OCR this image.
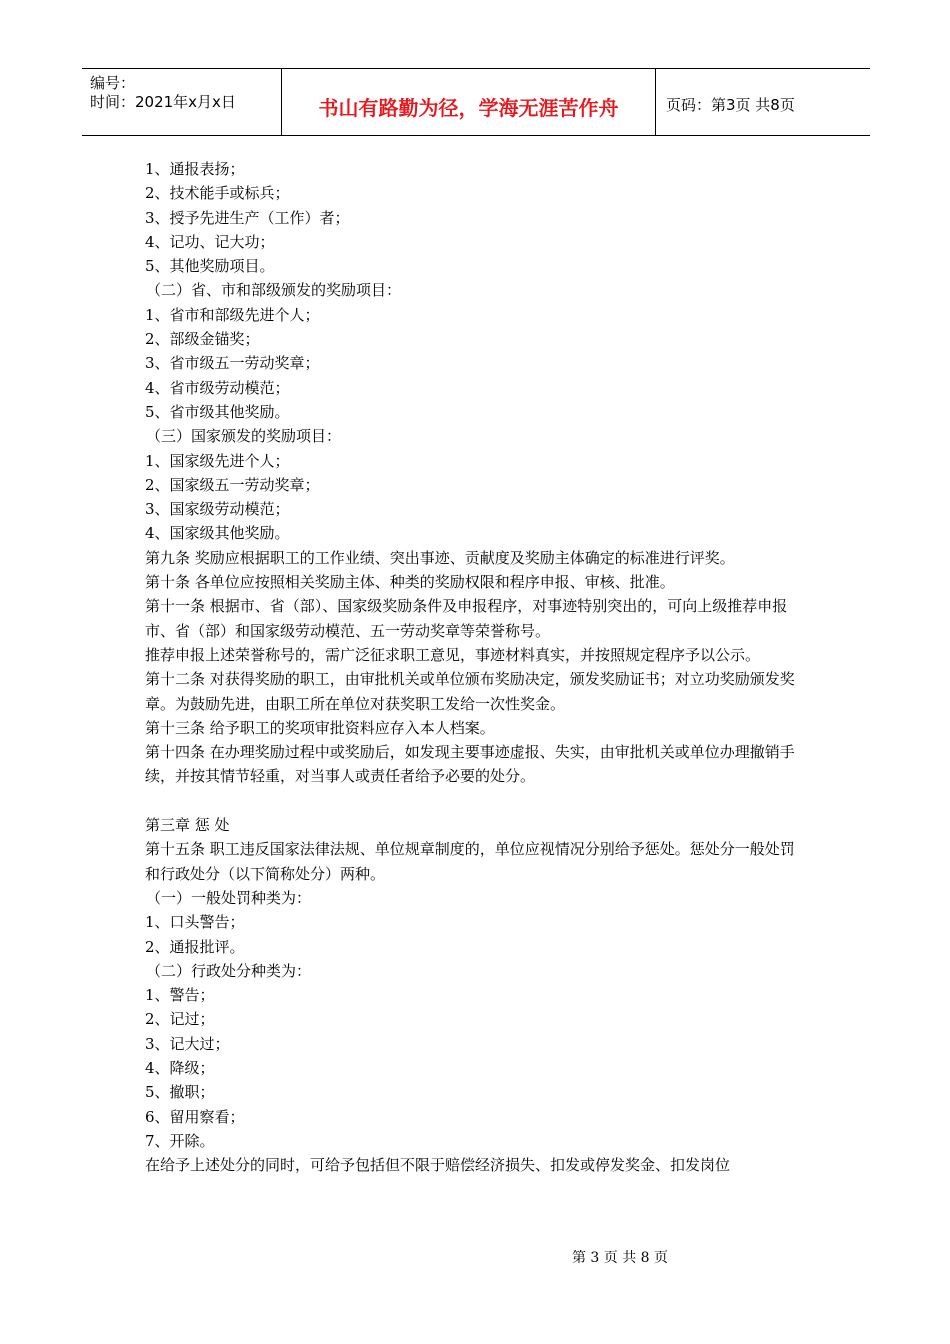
编号：
时间：2021年x月x日	书山有路勤为径，学海无涯苦作舟	页码：第3页 共8页

1、通报表扬；

2、技术能手或标兵；

3、授予先进生产（工作）者；

4、记功、记大功；

5、其他奖励项目。

（二）省、市和部级颁发的奖励项目：

1、省市和部级先进个人；

2、部级金锚奖；

3、省市级五一劳动奖章；

4、省市级劳动模范；

5、省市级其他奖励。

（三）国家颁发的奖励项目：

1、国家级先进个人；

2、国家级五一劳动奖章；

3、国家级劳动模范；

4、国家级其他奖励。

第九条 奖励应根据职工的工作业绩、突出事迹、贡献度及奖励主体确定的标准进行评奖。

第十条 各单位应按照相关奖励主体、种类的奖励权限和程序申报、审核、批准。

第十一条 根据市、省（部）、国家级奖励条件及申报程序，对事迹特别突出的，可向上级推荐申报市、省（部）和国家级劳动模范、五一劳动奖章等荣誉称号。

推荐申报上述荣誉称号的，需广泛征求职工意见，事迹材料真实，并按照规定程序予以公示。

第十二条 对获得奖励的职工，由审批机关或单位颁布奖励决定，颁发奖励证书；对立功奖励颁发奖章。为鼓励先进，由职工所在单位对获奖职工发给一次性奖金。

第十三条 给予职工的奖项审批资料应存入本人档案。

第十四条 在办理奖励过程中或奖励后，如发现主要事迹虚报、失实，由审批机关或单位办理撤销手续，并按其情节轻重，对当事人或责任者给予必要的处分。

第三章 惩 处

第十五条 职工违反国家法律法规、单位规章制度的，单位应视情况分别给予惩处。惩处分一般处罚和行政处分（以下简称处分）两种。

（一）一般处罚种类为：

1、口头警告；

2、通报批评。

（二）行政处分种类为：

1、警告；

2、记过；

3、记大过；

4、降级；

5、撤职；

6、留用察看；

7、开除。

在给予上述处分的同时，可给予包括但不限于赔偿经济损失、扣发或停发奖金、扣发岗位

第 3 页 共 8 页
